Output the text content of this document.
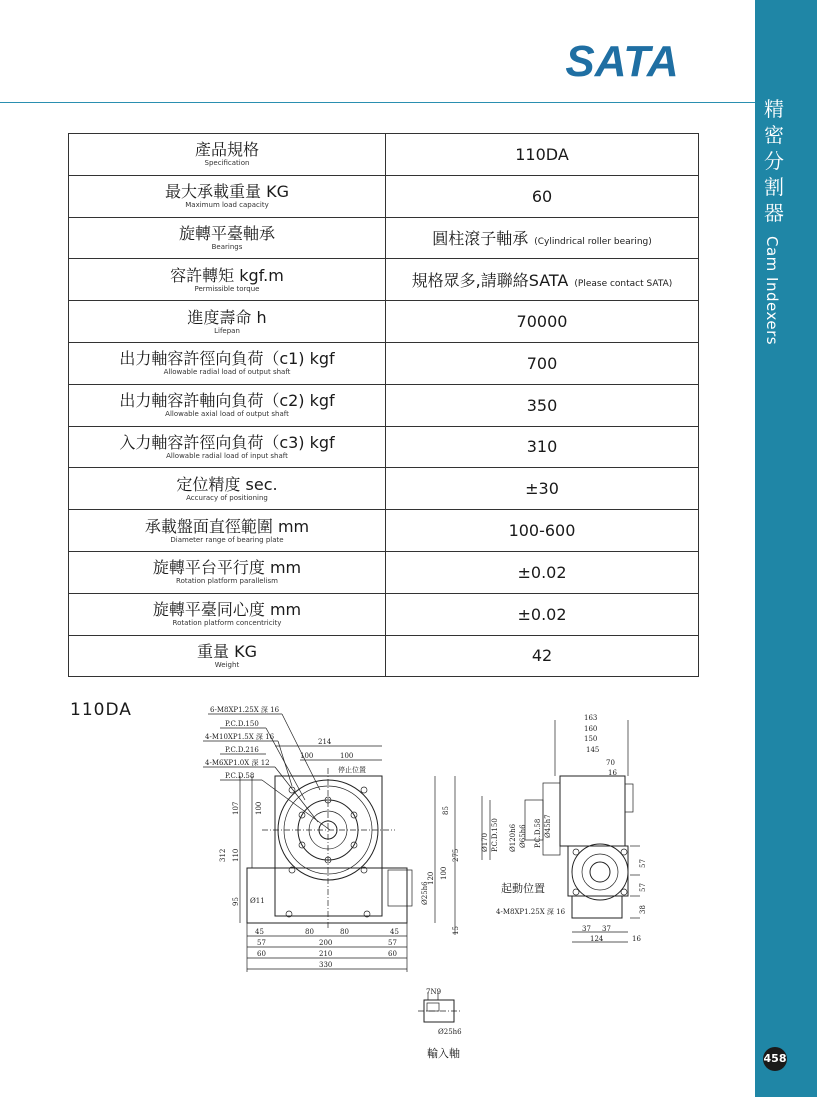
SATA
精密分割器
Cam Indexers
458
產品規格
Specification	110DA

最大承載重量 KG
Maximum load capacity	60

旋轉平臺軸承
Bearings	圓柱滾子軸承 (Cylindrical roller bearing)

容許轉矩 kgf.m
Permissible torque	規格眾多,請聯絡SATA (Please contact SATA)

進度壽命 h
Lifepan	70000

出力軸容許徑向負荷（c1) kgf
Allowable radial load of output shaft	700

出力軸容許軸向負荷（c2) kgf
Allowable axial load of output shaft	350

入力軸容許徑向負荷（c3) kgf
Allowable radial load of input shaft	310

定位精度 sec.
Accuracy of positioning	±30

承載盤面直徑範圍 mm
Diameter range of bearing plate	100-600

旋轉平台平行度 mm
Rotation platform parallelism	±0.02

旋轉平臺同心度 mm
Rotation platform concentricity	±0.02

重量 KG
Weight	42
110DA	6-M8XP1.25X 深 16
P.C.D.150
4-M10XP1.5X 深 16
P.C.D.216
4-M6XP1.0X 深 12
P.C.D.58
214
100	100
107 100
312 110
95 Ø11
85
275
120 100
Ø25h6
45	80	80	45
57	200	57
60	210	60
330
15
停止位置
163
160
150
145
70
16
Ø170 P.C.D.150 Ø120h6 Ø65h6 P.C.D.58 Ø45h7
57
57
38
4-M8XP1.25X 深 16
37 37
124	16
7N9
Ø25h6
起動位置
輸入軸
